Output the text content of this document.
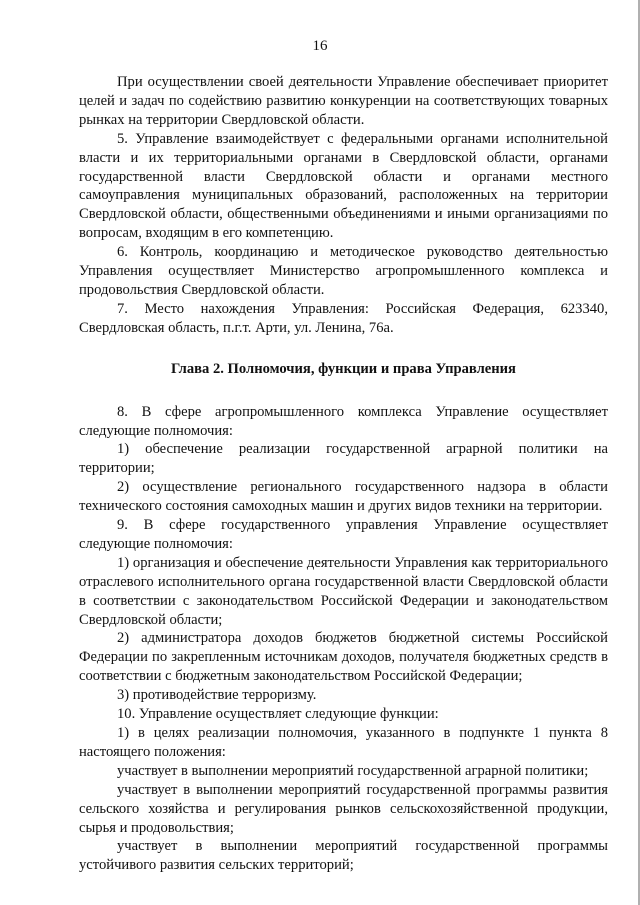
16

При осуществлении своей деятельности Управление обеспечивает приоритет целей и задач по содействию развитию конкуренции на соответствующих товарных рынках на территории Свердловской области.

5. Управление взаимодействует с федеральными органами исполнительной власти и их территориальными органами в Свердловской области, органами государственной власти Свердловской области и органами местного самоуправления муниципальных образований, расположенных на территории Свердловской области, общественными объединениями и иными организациями по вопросам, входящим в его компетенцию.

6. Контроль, координацию и методическое руководство деятельностью Управления осуществляет Министерство агропромышленного комплекса и продовольствия Свердловской области.

7. Место нахождения Управления: Российская Федерация, 623340, Свердловская область, п.г.т. Арти, ул. Ленина, 76а.

Глава 2. Полномочия, функции и права Управления

8. В сфере агропромышленного комплекса Управление осуществляет следующие полномочия:

1) обеспечение реализации государственной аграрной политики на территории;

2) осуществление регионального государственного надзора в области технического состояния самоходных машин и других видов техники на территории.

9. В сфере государственного управления Управление осуществляет следующие полномочия:

1) организация и обеспечение деятельности Управления как территориального отраслевого исполнительного органа государственной власти Свердловской области в соответствии с законодательством Российской Федерации и законодательством Свердловской области;

2) администратора доходов бюджетов бюджетной системы Российской Федерации по закрепленным источникам доходов, получателя бюджетных средств в соответствии с бюджетным законодательством Российской Федерации;

3) противодействие терроризму.

10. Управление осуществляет следующие функции:

1) в целях реализации полномочия, указанного в подпункте 1 пункта 8 настоящего положения:

участвует в выполнении мероприятий государственной аграрной политики;

участвует в выполнении мероприятий государственной программы развития сельского хозяйства и регулирования рынков сельскохозяйственной продукции, сырья и продовольствия;

участвует в выполнении мероприятий государственной программы устойчивого развития сельских территорий;
